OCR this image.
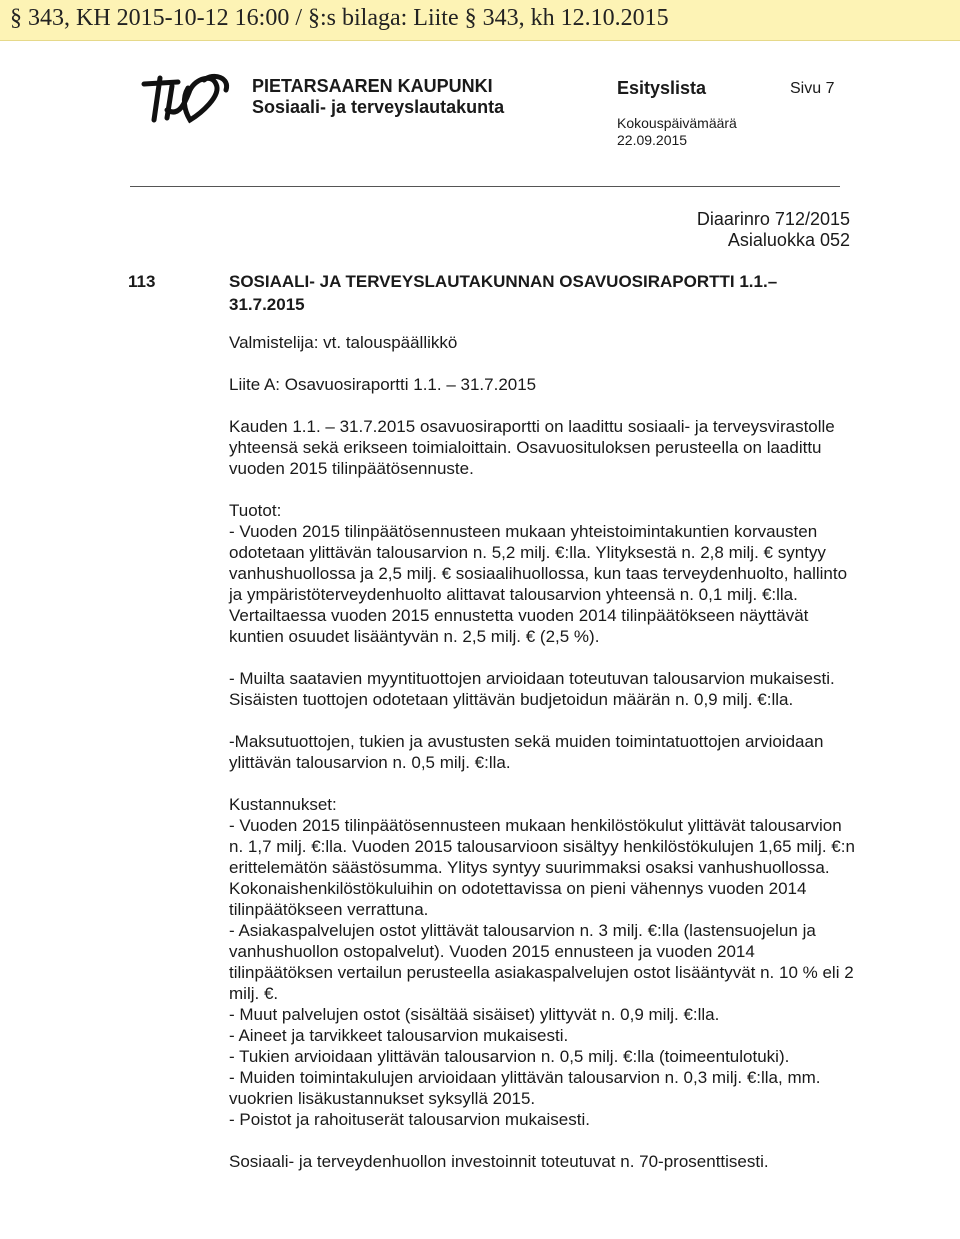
§ 343, KH 2015-10-12 16:00 / §:s bilaga: Liite § 343, kh 12.10.2015
PIETARSAAREN KAUPUNKI
Sosiaali- ja terveyslautakunta
Esityslista	Sivu 7
Kokouspäivämäärä
22.09.2015
Diaarinro 712/2015
Asialuokka 052
113	SOSIAALI- JA TERVEYSLAUTAKUNNAN OSAVUOSIRAPORTTI 1.1.– 31.7.2015
Valmistelija: vt. talouspäällikkö
Liite A: Osavuosiraportti 1.1. – 31.7.2015

Kauden 1.1. – 31.7.2015 osavuosiraportti on laadittu sosiaali- ja terveysvirastolle yhteensä sekä erikseen toimialoittain. Osavuosituloksen perusteella on laadittu vuoden 2015 tilinpäätösennuste.

Tuotot:

- Vuoden 2015 tilinpäätösennusteen mukaan yhteistoimintakuntien korvausten odotetaan ylittävän talousarvion n. 5,2 milj. €:lla. Ylityksestä n. 2,8 milj. € syntyy vanhushuollossa ja 2,5 milj. € sosiaalihuollossa, kun taas terveydenhuolto, hallinto ja ympäristöterveydenhuolto alittavat talousarvion yhteensä n. 0,1 milj. €:lla. Vertailtaessa vuoden 2015 ennustetta vuoden 2014 tilinpäätökseen näyttävät kuntien osuudet lisääntyvän n. 2,5 milj. € (2,5 %).

- Muilta saatavien myyntituottojen arvioidaan toteutuvan talousarvion mukaisesti. Sisäisten tuottojen odotetaan ylittävän budjetoidun määrän n. 0,9 milj. €:lla.

-Maksutuottojen, tukien ja avustusten sekä muiden toimintatuottojen arvioidaan ylittävän talousarvion n. 0,5 milj. €:lla.

Kustannukset:

- Vuoden 2015 tilinpäätösennusteen mukaan henkilöstökulut ylittävät talousarvion n. 1,7 milj. €:lla. Vuoden 2015 talousarvioon sisältyy henkilöstökulujen 1,65 milj. €:n erittelemätön säästösumma. Ylitys syntyy suurimmaksi osaksi vanhushuollossa. Kokonaishenkilöstökuluihin on odotettavissa on pieni vähennys vuoden 2014 tilinpäätökseen verrattuna.

- Asiakaspalvelujen ostot ylittävät talousarvion n. 3 milj. €:lla (lastensuojelun ja vanhushuollon ostopalvelut). Vuoden 2015 ennusteen ja vuoden 2014 tilinpäätöksen vertailun perusteella asiakaspalvelujen ostot lisääntyvät n. 10 % eli 2 milj. €.

- Muut palvelujen ostot (sisältää sisäiset) ylittyvät n. 0,9 milj. €:lla.

- Aineet ja tarvikkeet talousarvion mukaisesti.

- Tukien arvioidaan ylittävän talousarvion n. 0,5 milj. €:lla (toimeentulotuki).

- Muiden toimintakulujen arvioidaan ylittävän talousarvion n. 0,3 milj. €:lla, mm. vuokrien lisäkustannukset syksyllä 2015.

- Poistot ja rahoituserät talousarvion mukaisesti.

Sosiaali- ja terveydenhuollon investoinnit toteutuvat n. 70-prosenttisesti.
